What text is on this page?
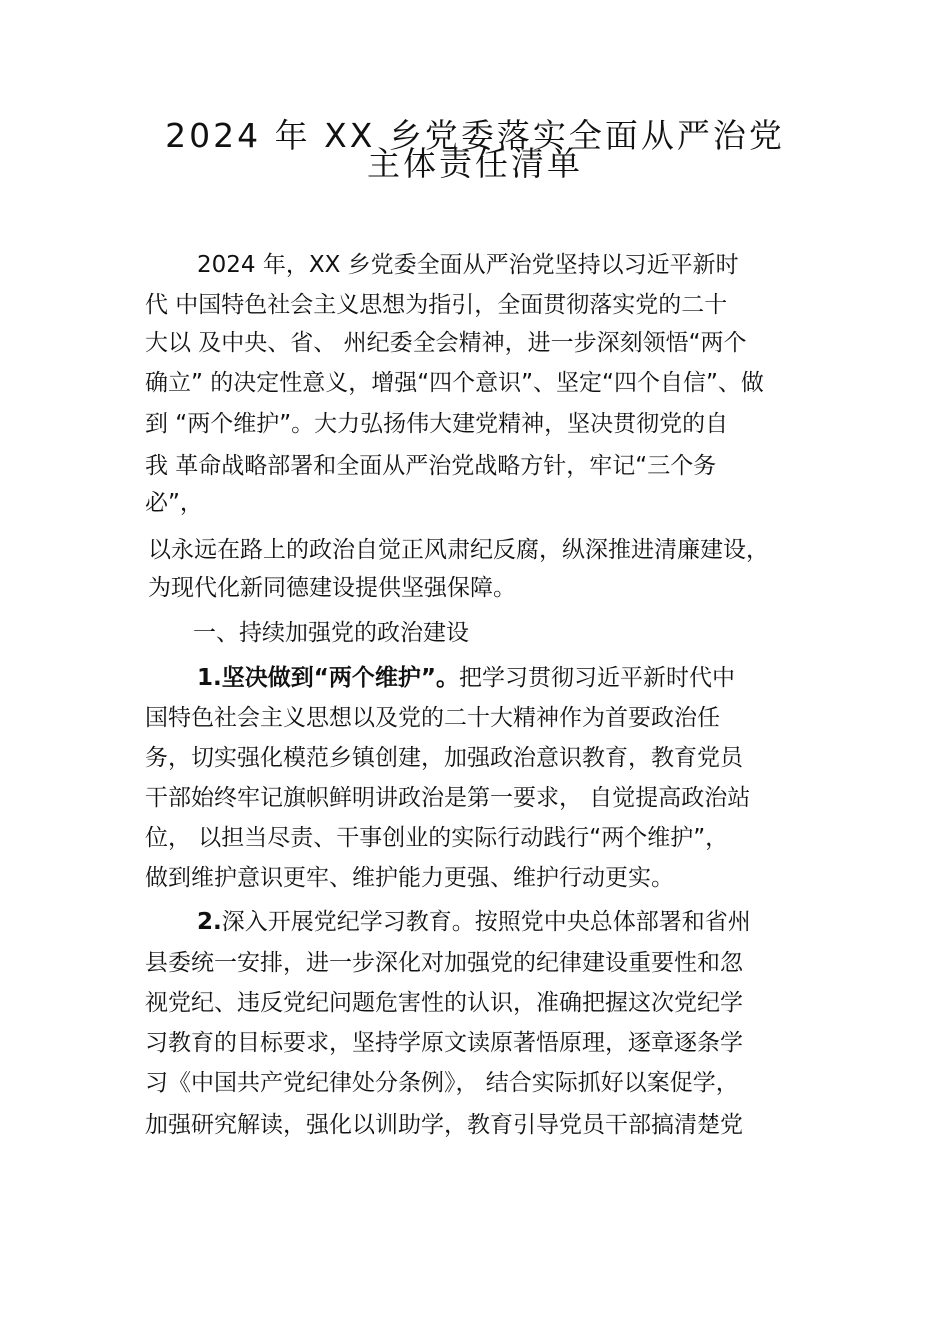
2024 年 XX 乡党委落实全面从严治党
主体责任清单

2024 年，XX 乡党委全面从严治党坚持以习近平新时

代 中国特色社会主义思想为指引，全面贯彻落实党的二十

大以 及中央、省、 州纪委全会精神，进一步深刻领悟“两个

确立” 的决定性意义，增强“四个意识”、坚定“四个自信”、做

到 “两个维护”。大力弘扬伟大建党精神，坚决贯彻党的自

我 革命战略部署和全面从严治党战略方针，牢记“三个务

必”，

以永远在路上的政治自觉正风肃纪反腐，纵深推进清廉建设，

为现代化新同德建设提供坚强保障。

一、持续加强党的政治建设

1.坚决做到“两个维护”。把学习贯彻习近平新时代中

国特色社会主义思想以及党的二十大精神作为首要政治任

务，切实强化模范乡镇创建，加强政治意识教育，教育党员

干部始终牢记旗帜鲜明讲政治是第一要求， 自觉提高政治站

位， 以担当尽责、干事创业的实际行动践行“两个维护”，

做到维护意识更牢、维护能力更强、维护行动更实。

2.深入开展党纪学习教育。按照党中央总体部署和省州

县委统一安排，进一步深化对加强党的纪律建设重要性和忽

视党纪、违反党纪问题危害性的认识，准确把握这次党纪学

习教育的目标要求，坚持学原文读原著悟原理，逐章逐条学

习《中国共产党纪律处分条例》， 结合实际抓好以案促学，

加强研究解读，强化以训助学，教育引导党员干部搞清楚党
